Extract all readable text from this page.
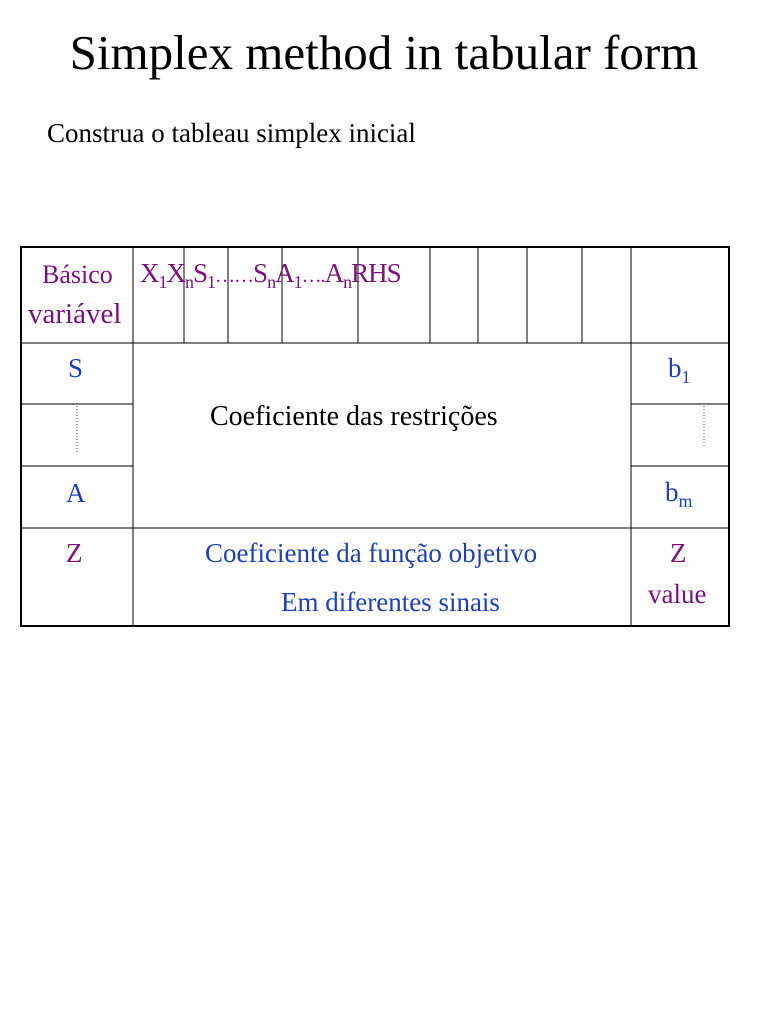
Simplex method in tabular form
Construa o tableau simplex inicial
Básico
variável
$X_1X_nS_1\dots\dots S_nA_1\dots.A_nRHS$
S
A
Z
Coeficiente das restrições
$b_1$
$b_m$
Coeficiente da função objetivo
Em diferentes sinais
Z
value
